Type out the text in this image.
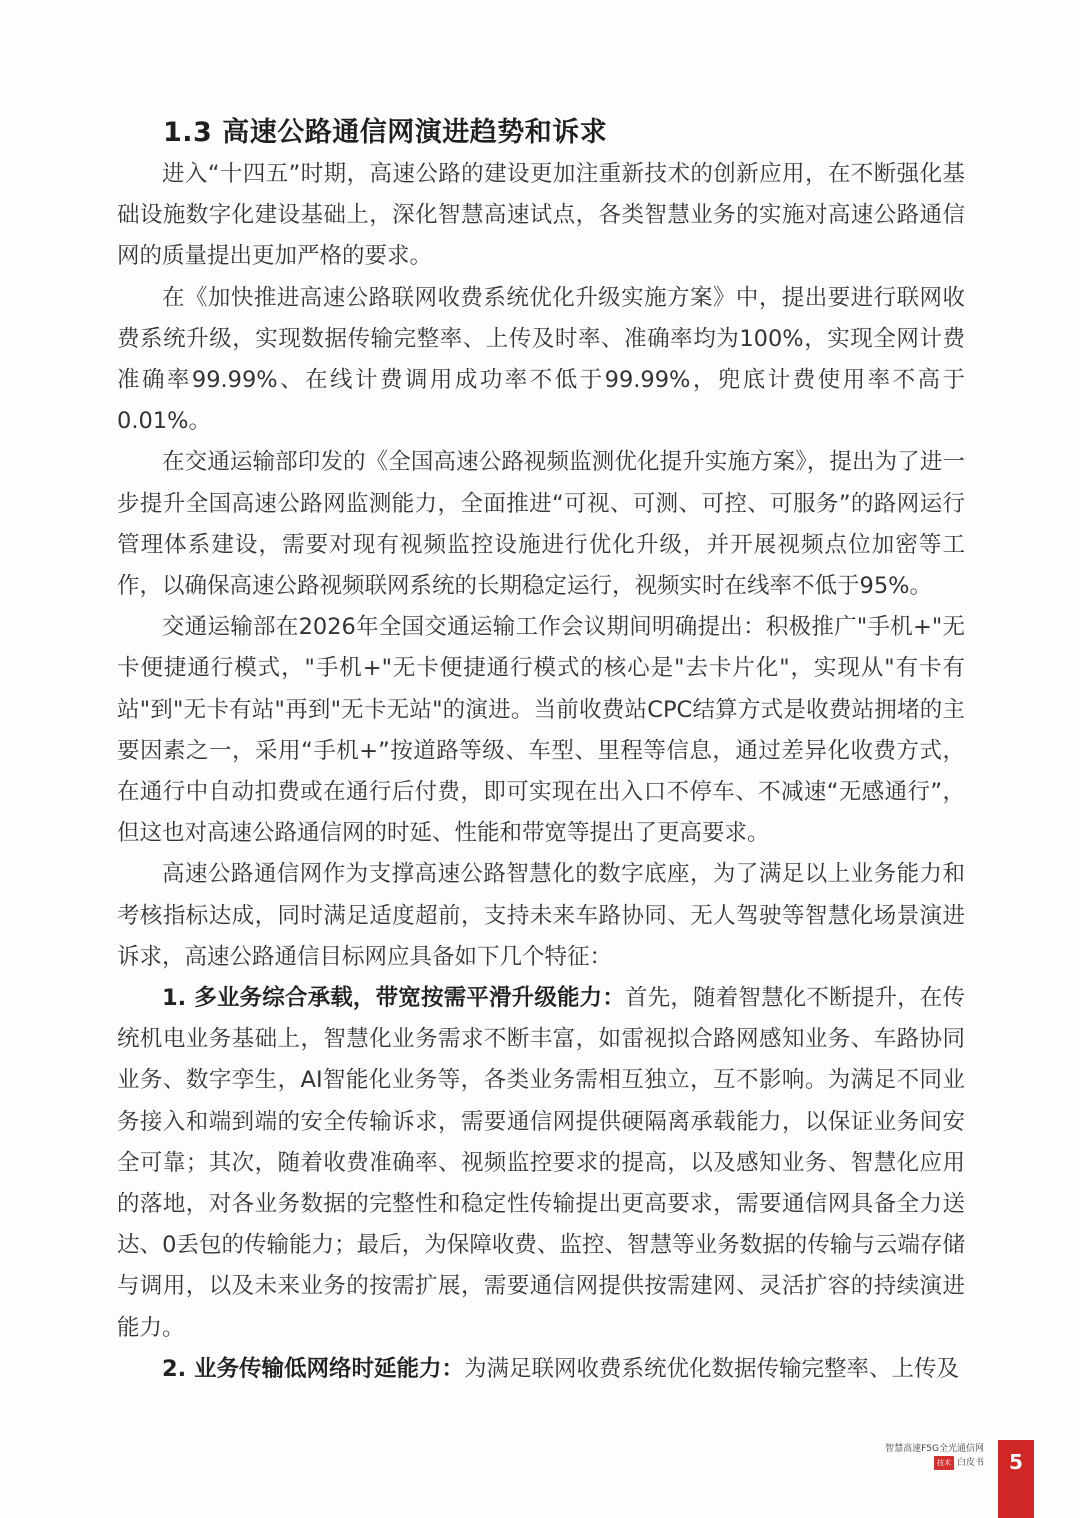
1.3 高速公路通信网演进趋势和诉求

进入“十四五”时期，高速公路的建设更加注重新技术的创新应用，在不断强化基础设施数字化建设基础上，深化智慧高速试点，各类智慧业务的实施对高速公路通信网的质量提出更加严格的要求。

在《加快推进高速公路联网收费系统优化升级实施方案》中，提出要进行联网收费系统升级，实现数据传输完整率、上传及时率、准确率均为100%，实现全网计费准确率99.99%、在线计费调用成功率不低于99.99%，兜底计费使用率不高于0.01%。

在交通运输部印发的《全国高速公路视频监测优化提升实施方案》，提出为了进一步提升全国高速公路网监测能力，全面推进“可视、可测、可控、可服务”的路网运行管理体系建设，需要对现有视频监控设施进行优化升级，并开展视频点位加密等工作，以确保高速公路视频联网系统的长期稳定运行，视频实时在线率不低于95%。

交通运输部在2026年全国交通运输工作会议期间明确提出：积极推广"手机+"无卡便捷通行模式，"手机+"无卡便捷通行模式的核心是"去卡片化"，实现从"有卡有站"到"无卡有站"再到"无卡无站"的演进。当前收费站CPC结算方式是收费站拥堵的主要因素之一，采用“手机+”按道路等级、车型、里程等信息，通过差异化收费方式，在通行中自动扣费或在通行后付费，即可实现在出入口不停车、不减速“无感通行”，但这也对高速公路通信网的时延、性能和带宽等提出了更高要求。

高速公路通信网作为支撑高速公路智慧化的数字底座，为了满足以上业务能力和考核指标达成，同时满足适度超前，支持未来车路协同、无人驾驶等智慧化场景演进诉求，高速公路通信目标网应具备如下几个特征：

1. 多业务综合承载，带宽按需平滑升级能力：首先，随着智慧化不断提升，在传统机电业务基础上，智慧化业务需求不断丰富，如雷视拟合路网感知业务、车路协同业务、数字孪生，AI智能化业务等，各类业务需相互独立，互不影响。为满足不同业务接入和端到端的安全传输诉求，需要通信网提供硬隔离承载能力，以保证业务间安全可靠；其次，随着收费准确率、视频监控要求的提高，以及感知业务、智慧化应用的落地，对各业务数据的完整性和稳定性传输提出更高要求，需要通信网具备全力送达、0丢包的传输能力；最后，为保障收费、监控、智慧等业务数据的传输与云端存储与调用，以及未来业务的按需扩展，需要通信网提供按需建网、灵活扩容的持续演进能力。

2. 业务传输低网络时延能力：为满足联网收费系统优化数据传输完整率、上传及

智慧高速F5G全光通信网
技术 白皮书	5
